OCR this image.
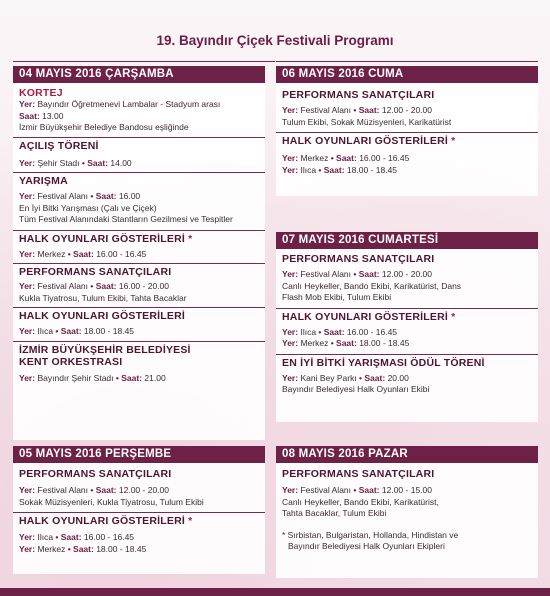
19. Bayındır Çiçek Festivali Programı
04 MAYIS 2016 ÇARŞAMBA
KORTEJ
Yer: Bayındır Öğretmenevi Lambalar - Stadyum arası
Saat: 13.00
İzmir Büyükşehir Belediye Bandosu eşliğinde
AÇILIŞ TÖRENİ
Yer: Şehir Stadı • Saat: 14.00
YARIŞMA
Yer: Festival Alanı • Saat: 16.00
En İyi Bitki Yarışması (Çalı ve Çiçek)
Tüm Festival Alanındaki Stantların Gezilmesi ve Tespitler
HALK OYUNLARI GÖSTERİLERİ *
Yer: Merkez • Saat: 16.00 - 16.45
PERFORMANS SANATÇILARI
Yer: Festival Alanı • Saat: 16.00 - 20.00
Kukla Tiyatrosu, Tulum Ekibi, Tahta Bacaklar
HALK OYUNLARI GÖSTERİLERİ
Yer: Ilıca • Saat: 18.00 - 18.45
İZMİR BÜYÜKŞEHİR BELEDİYESİ
KENT ORKESTRASI
Yer: Bayındır Şehir Stadı • Saat: 21.00
05 MAYIS 2016 PERŞEMBE
PERFORMANS SANATÇILARI
Yer: Festival Alanı • Saat: 12.00 - 20.00
Sokak Müzisyenleri, Kukla Tiyatrosu, Tulum Ekibi
HALK OYUNLARI GÖSTERİLERİ *
Yer: Ilıca • Saat: 16.00 - 16.45
Yer: Merkez • Saat: 18.00 - 18.45
06 MAYIS 2016 CUMA
PERFORMANS SANATÇILARI
Yer: Festival Alanı • Saat: 12.00 - 20.00
Tulum Ekibi, Sokak Müzisyenleri, Karikatürist
HALK OYUNLARI GÖSTERİLERİ *
Yer: Merkez • Saat: 16.00 - 16.45
Yer: Ilıca • Saat: 18.00 - 18.45
07 MAYIS 2016 CUMARTESİ
PERFORMANS SANATÇILARI
Yer: Festival Alanı • Saat: 12.00 - 20.00
Canlı Heykeller, Bando Ekibi, Karikatürist, Dans
Flash Mob Ekibi, Tulum Ekibi
HALK OYUNLARI GÖSTERİLERİ *
Yer: Ilıca • Saat: 16.00 - 16.45
Yer: Merkez • Saat: 18.00 - 18.45
EN İYİ BİTKİ YARIŞMASI ÖDÜL TÖRENİ
Yer: Kani Bey Parkı • Saat: 20.00
Bayındır Belediyesi Halk Oyunları Ekibi
08 MAYIS 2016 PAZAR
PERFORMANS SANATÇILARI
Yer: Festival Alanı • Saat: 12.00 - 15.00
Canlı Heykeller, Bando Ekibi, Karikatürist,
Tahta Bacaklar, Tulum Ekibi
* Sırbistan, Bulgaristan, Hollanda, Hindistan ve
Bayındır Belediyesi Halk Oyunları Ekipleri
